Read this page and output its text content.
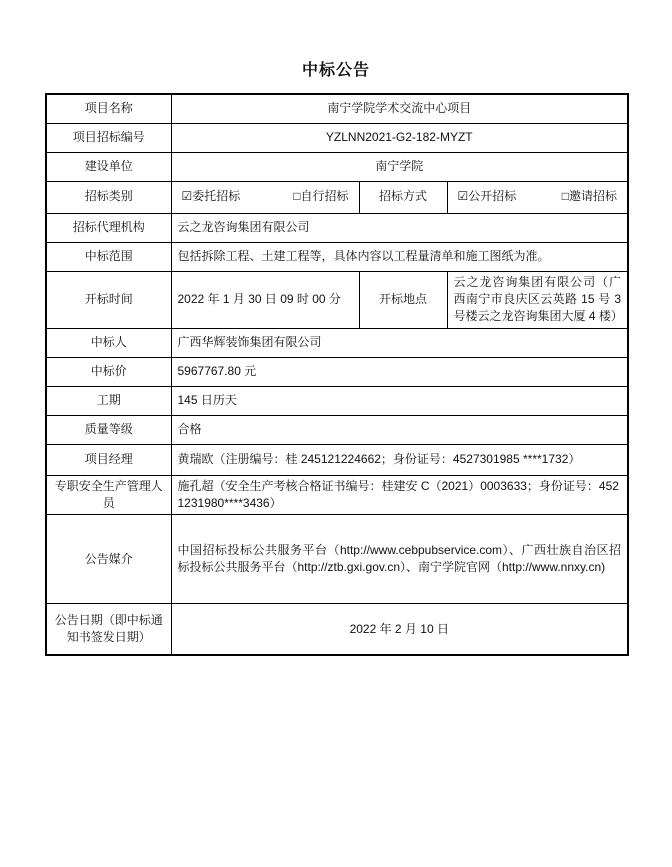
中标公告
项目名称	南宁学院学术交流中心项目		
项目招标编号	YZLNN2021-G2-182-MYZT		
建设单位	南宁学院		
招标类别	☑委托招标 □自行招标	招标方式	☑公开招标 □邀请招标

招标代理机构	云之龙咨询集团有限公司		
中标范围	包括拆除工程、土建工程等，具体内容以工程量清单和施工图纸为准。		
开标时间	2022 年 1 月 30 日 09 时 00 分	开标地点	云之龙咨询集团有限公司（广西南宁市良庆区云英路 15 号 3 号楼云之龙咨询集团大厦 4 楼）
中标人	广西华辉装饰集团有限公司		
中标价	5967767.80 元		
工期	145 日历天		
质量等级	合格		
项目经理	黄瑞欧（注册编号：桂 245121224662；身份证号：4527301985 ****1732）		
专职安全生产管理人员	施孔超（安全生产考核合格证书编号：桂建安 C（2021）0003633；身份证号：4521231980****3436）		
公告媒介	中国招标投标公共服务平台（http://www.cebpubservice.com）、广西壮族自治区招标投标公共服务平台（http://ztb.gxi.gov.cn）、南宁学院官网（http://www.nnxy.cn)		
公告日期（即中标通知书签发日期）	2022 年 2 月 10 日		
